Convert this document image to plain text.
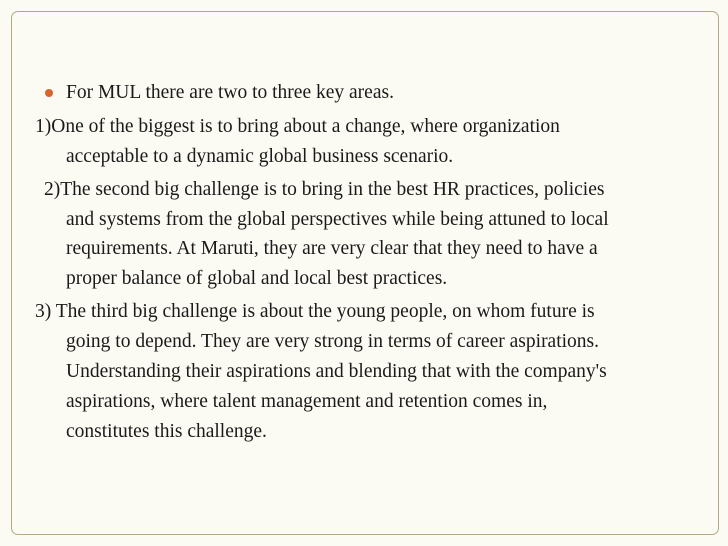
For MUL there are two to three key areas.
1)One of the biggest is to bring about a change, where organization
acceptable to a dynamic global business scenario.
2)The second big challenge is to bring in the best HR practices, policies
and systems from the global perspectives while being attuned to local
requirements. At Maruti, they are very clear that they need to have a
proper balance of global and local best practices.
3) The third big challenge is about the young people, on whom future is
going to depend. They are very strong in terms of career aspirations.
Understanding their aspirations and blending that with the company's
aspirations, where talent management and retention comes in,
constitutes this challenge.
